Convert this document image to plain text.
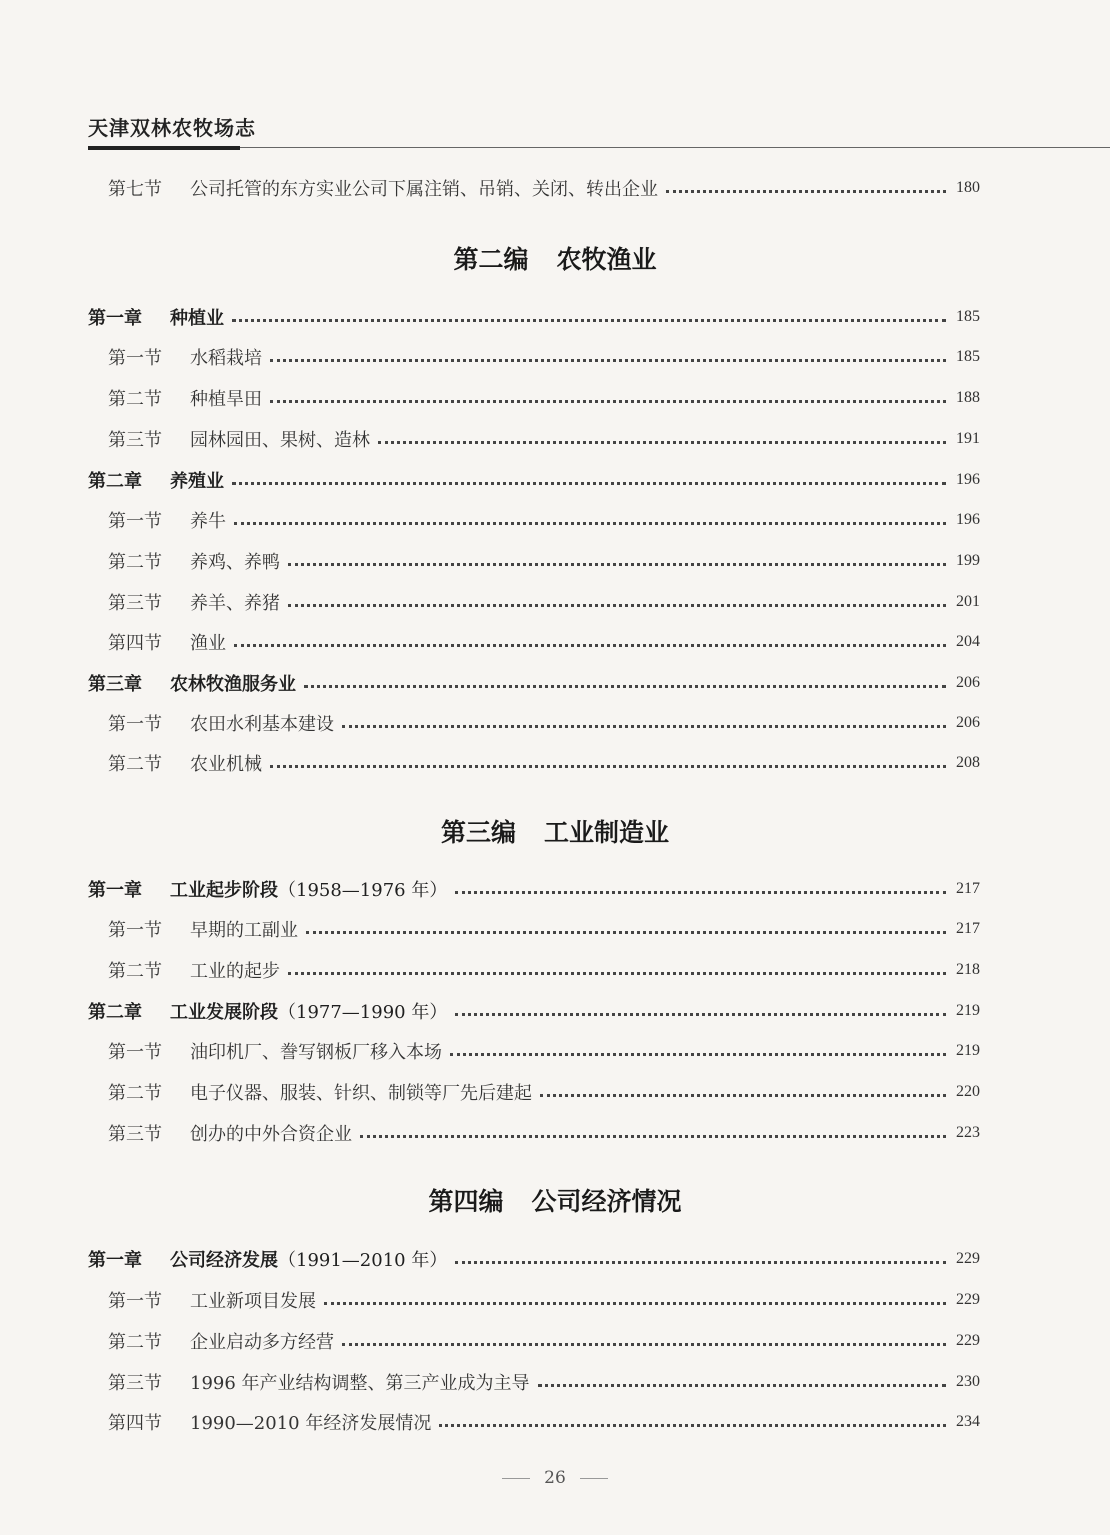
天津双林农牧场志
第七节	公司托管的东方实业公司下属注销、吊销、关闭、转出企业	180
第二编 农牧渔业
第一章	种植业	185
第一节	水稻栽培	185
第二节	种植旱田	188
第三节	园林园田、果树、造林	191
第二章	养殖业	196
第一节	养牛	196
第二节	养鸡、养鸭	199
第三节	养羊、养猪	201
第四节	渔业	204
第三章	农林牧渔服务业	206
第一节	农田水利基本建设	206
第二节	农业机械	208
第三编 工业制造业
第一章	工业起步阶段 （1958—1976 年）	217
第一节	早期的工副业	217
第二节	工业的起步	218
第二章	工业发展阶段 （1977—1990 年）	219
第一节	油印机厂、誊写钢板厂移入本场	219
第二节	电子仪器、服装、针织、制锁等厂先后建起	220
第三节	创办的中外合资企业	223
第四编 公司经济情况
第一章	公司经济发展 （1991—2010 年）	229
第一节	工业新项目发展	229
第二节	企业启动多方经营	229
第三节	1996 年产业结构调整、第三产业成为主导	230
第四节	1990—2010 年经济发展情况	234
26
